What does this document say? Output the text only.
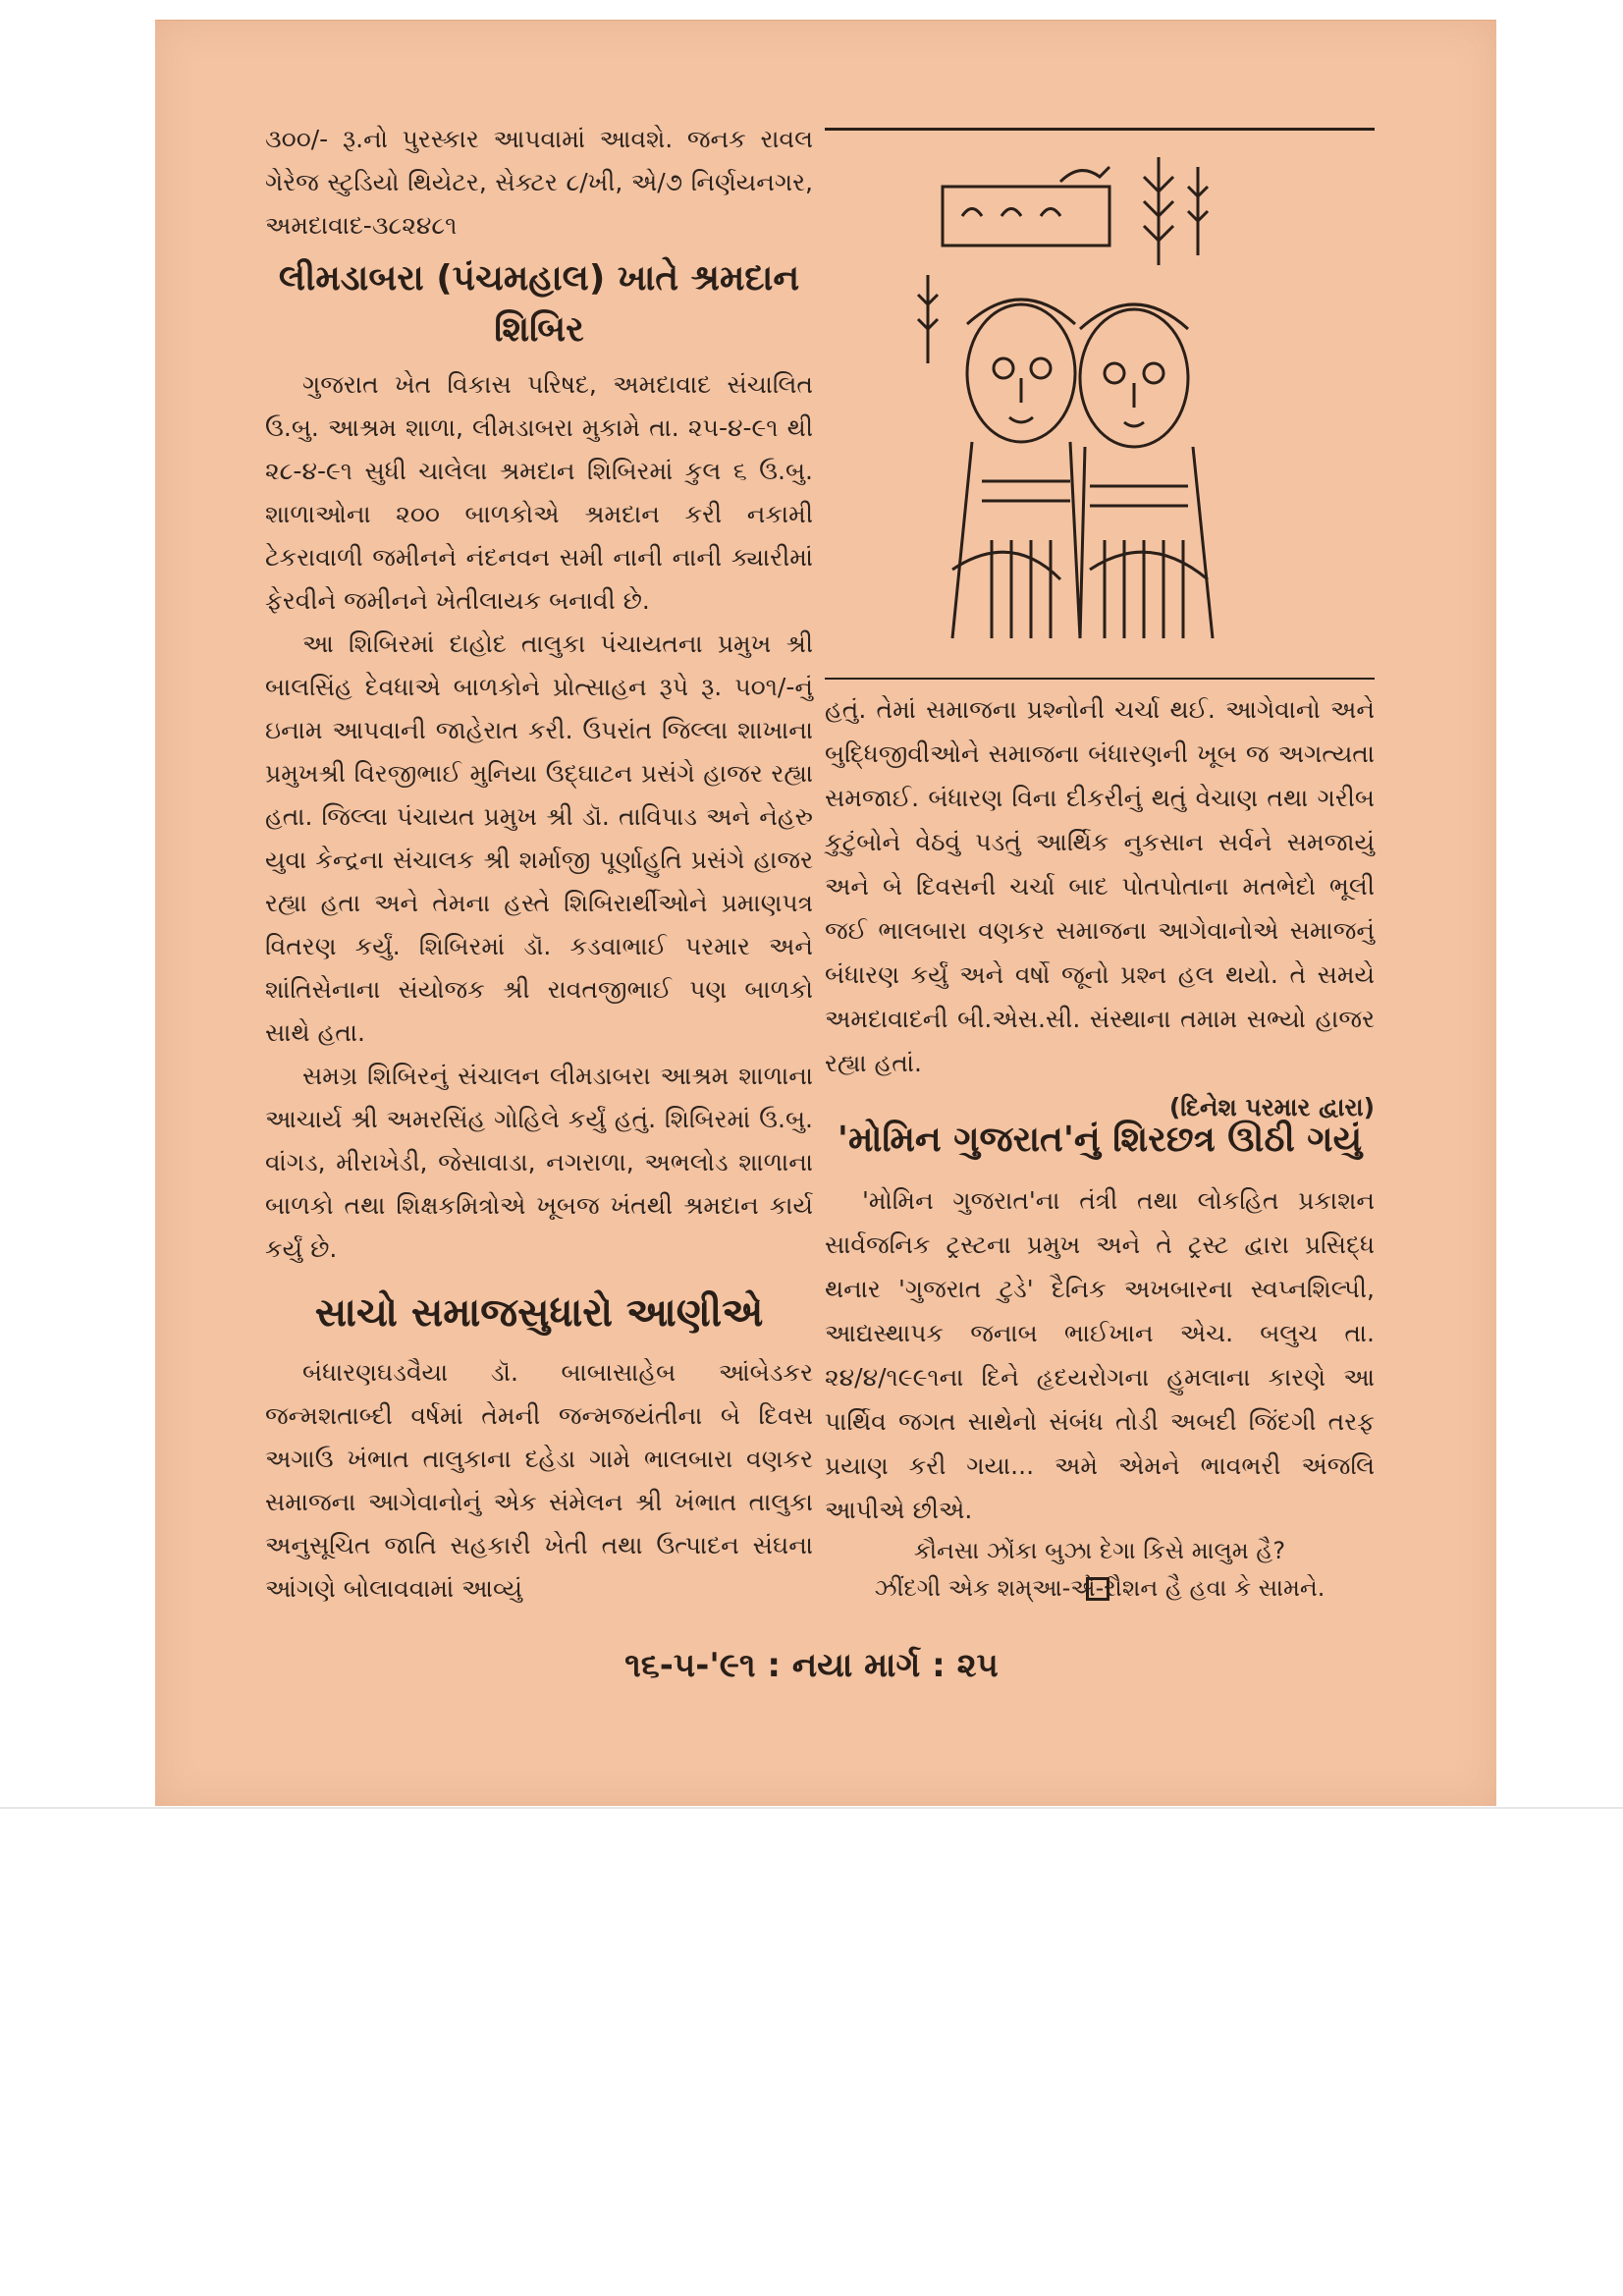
૩૦૦/- રૂ.નો પુરસ્કાર આપવામાં આવશે. જનક રાવલ ગેરેજ સ્ટુડિયો થિયેટર, સેક્ટર ૮/ખી, એ/૭ નિર્ણયનગર, અમદાવાદ-૩૮૨૪૮૧

લીમડાબરા (પંચમહાલ) ખાતે શ્રમદાન શિબિર

ગુજરાત ખેત વિકાસ પરિષદ, અમદાવાદ સંચાલિત ઉ.બુ. આશ્રમ શાળા, લીમડાબરા મુકામે તા. ૨૫-૪-૯૧ થી ૨૮-૪-૯૧ સુધી ચાલેલા શ્રમદાન શિબિરમાં કુલ ૬ ઉ.બુ. શાળાઓના ૨૦૦ બાળકોએ શ્રમદાન કરી નકામી ટેકરાવાળી જમીનને નંદનવન સમી નાની નાની ક્યારીમાં ફેરવીને જમીનને ખેતીલાયક બનાવી છે.

આ શિબિરમાં દાહોદ તાલુકા પંચાયતના પ્રમુખ શ્રી બાલસિંહ દેવધાએ બાળકોને પ્રોત્સાહન રૂપે રૂ. ૫૦૧/-નું ઇનામ આપવાની જાહેરાત કરી. ઉપરાંત જિલ્લા શાખાના પ્રમુખશ્રી વિરજીભાઈ મુનિયા ઉદ્‌ઘાટન પ્રસંગે હાજર રહ્યા હતા. જિલ્લા પંચાયત પ્રમુખ શ્રી ડૉ. તાવિપાડ અને નેહરુ યુવા કેન્દ્રના સંચાલક શ્રી શર્માજી પૂર્ણાહુતિ પ્રસંગે હાજર રહ્યા હતા અને તેમના હસ્તે શિબિરાર્થીઓને પ્રમાણપત્ર વિતરણ કર્યું. શિબિરમાં ડૉ. કડવાભાઈ પરમાર અને શાંતિસેનાના સંયોજક શ્રી રાવતજીભાઈ પણ બાળકો સાથે હતા.

સમગ્ર શિબિરનું સંચાલન લીમડાબરા આશ્રમ શાળાના આચાર્ય શ્રી અમરસિંહ ગોહિલે કર્યું હતું. શિબિરમાં ઉ.બુ. વાંગડ, મીરાખેડી, જેસાવાડા, નગરાળા, અભલોડ શાળાના બાળકો તથા શિક્ષકમિત્રોએ ખૂબજ ખંતથી શ્રમદાન કાર્ય કર્યું છે.

સાચો સમાજસુધારો આણીએ

બંધારણઘડવૈયા ડૉ. બાબાસાહેબ આંબેડકર જન્મશતાબ્દી વર્ષમાં તેમની જન્મજયંતીના બે દિવસ અગાઉ ખંભાત તાલુકાના દહેડા ગામે ભાલબારા વણકર સમાજના આગેવાનોનું એક સંમેલન શ્રી ખંભાત તાલુકા અનુસૂચિત જાતિ સહકારી ખેતી તથા ઉત્પાદન સંઘના આંગણે બોલાવવામાં આવ્યું

હતું. તેમાં સમાજના પ્રશ્નોની ચર્ચા થઈ. આગેવાનો અને બુદ્ધિજીવીઓને સમાજના બંધારણની ખૂબ જ અગત્યતા સમજાઈ. બંધારણ વિના દીકરીનું થતું વેચાણ તથા ગરીબ કુટુંબોને વેઠવું પડતું આર્થિક નુકસાન સર્વને સમજાયું અને બે દિવસની ચર્ચા બાદ પોતપોતાના મતભેદો ભૂલી જઈ ભાલબારા વણકર સમાજના આગેવાનોએ સમાજનું બંધારણ કર્યું અને વર્ષો જૂનો પ્રશ્ન હલ થયો. તે સમયે અમદાવાદની બી.એસ.સી. સંસ્થાના તમામ સભ્યો હાજર રહ્યા હતાં.

(દિનેશ પરમાર દ્વારા)
'મોમિન ગુજરાત'નું શિરછત્ર ઊઠી ગયું

'મોમિન ગુજરાત'ના તંત્રી તથા લોકહિત પ્રકાશન સાર્વજનિક ટ્રસ્ટના પ્રમુખ અને તે ટ્રસ્ટ દ્વારા પ્રસિદ્ધ થનાર 'ગુજરાત ટુડે' દૈનિક અખબારના સ્વપ્નશિલ્પી, આદ્યસ્થાપક જનાબ ભાઈખાન એચ. બલુચ તા. ૨૪/૪/૧૯૯૧ના દિને હૃદયરોગના હુમલાના કારણે આ પાર્થિવ જગત સાથેનો સંબંધ તોડી અબદી જિંદગી તરફ પ્રયાણ કરી ગયા... અમે એમને ભાવભરી અંજલિ આપીએ છીએ.

કૌનસા ઝોંકા બુઝા દેગા કિસે માલુમ હૈ?
ઝીંદગી એક શમ્આ-એ-રૌશન હૈ હવા કે સામને.
૧૬-૫-'૯૧ : નયા માર્ગ : ૨૫
